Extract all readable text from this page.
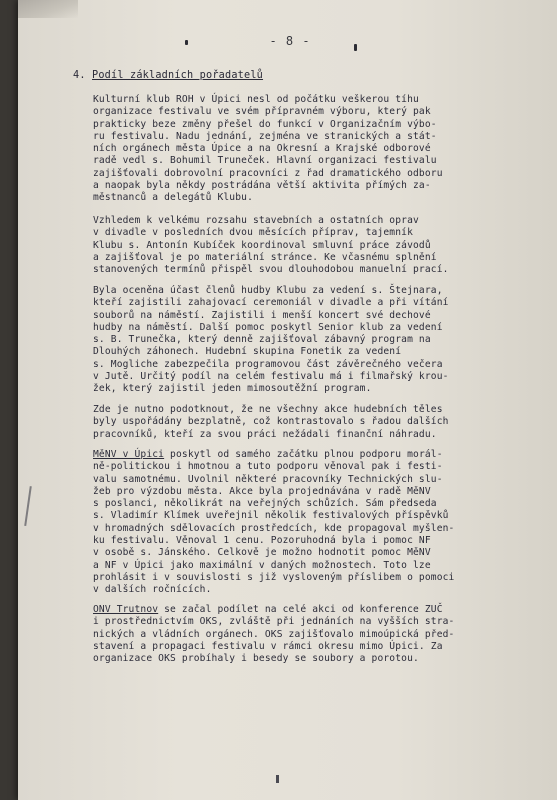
- 8 -
4. Podíl základních pořadatelů
Kulturní klub ROH v Úpici nesl od počátku veškerou tíhu
organizace festivalu ve svém přípravném výboru, který pak
prakticky beze změny přešel do funkcí v Organizačním výbo-
ru festivalu. Nadu jednání, zejména ve stranických a stát-
ních orgánech města Úpice a na Okresní a Krajské odborové
radě vedl s. Bohumil Truneček. Hlavní organizaci festivalu
zajišťovali dobrovolní pracovníci z řad dramatického odboru
a naopak byla někdy postrádána větší aktivita přímých za-
městnanců a delegátů Klubu.
Vzhledem k velkému rozsahu stavebních a ostatních oprav
v divadle v posledních dvou měsících příprav, tajemník
Klubu s. Antonín Kubíček koordinoval smluvní práce závodů
a zajišťoval je po materiální stránce. Ke včasnému splnění
stanovených termínů přispěl svou dlouhodobou manuelní prací.
Byla oceněna účast členů hudby Klubu za vedení s. Štejnara,
kteří zajistili zahajovací ceremoniál v divadle a při vítání
souborů na náměstí. Zajistili i menší koncert své dechové
hudby na náměstí. Další pomoc poskytl Senior klub za vedení
s. B. Trunečka, který denně zajišťoval zábavný program na
Dlouhých záhonech. Hudební skupina Fonetik za vedení
s. Mogliche zabezpečila programovou část závěrečného večera
v Jutě. Určitý podíl na celém festivalu má i filmařský krou-
žek, který zajistil jeden mimosoutěžní program.
Zde je nutno podotknout, že ne všechny akce hudebních těles
byly uspořádány bezplatně, což kontrastovalo s řadou dalších
pracovníků, kteří za svou práci nežádali finanční náhradu.
MěNV v Úpici poskytl od samého začátku plnou podporu morál-
ně-politickou i hmotnou a tuto podporu věnoval pak i festi-
valu samotnému. Uvolnil některé pracovníky Technických slu-
žeb pro výzdobu města. Akce byla projednávána v radě MěNV
s poslanci, několikrát na veřejných schůzích. Sám předseda
s. Vladimír Klímek uveřejnil několik festivalových příspěvků
v hromadných sdělovacích prostředcích, kde propagoval myšlen-
ku festivalu. Věnoval 1 cenu. Pozoruhodná byla i pomoc NF
v osobě s. Jánského. Celkově je možno hodnotit pomoc MěNV
a NF v Úpici jako maximální v daných možnostech. Toto lze
prohlásit i v souvislosti s již vysloveným příslibem o pomoci
v dalších ročnících.
ONV Trutnov se začal podílet na celé akci od konference ZUČ
i prostřednictvím OKS, zvláště při jednáních na vyšších stra-
nických a vládních orgánech. OKS zajišťovalo mimoúpická před-
stavení a propagaci festivalu v rámci okresu mimo Úpici. Za
organizace OKS probíhaly i besedy se soubory a porotou.
